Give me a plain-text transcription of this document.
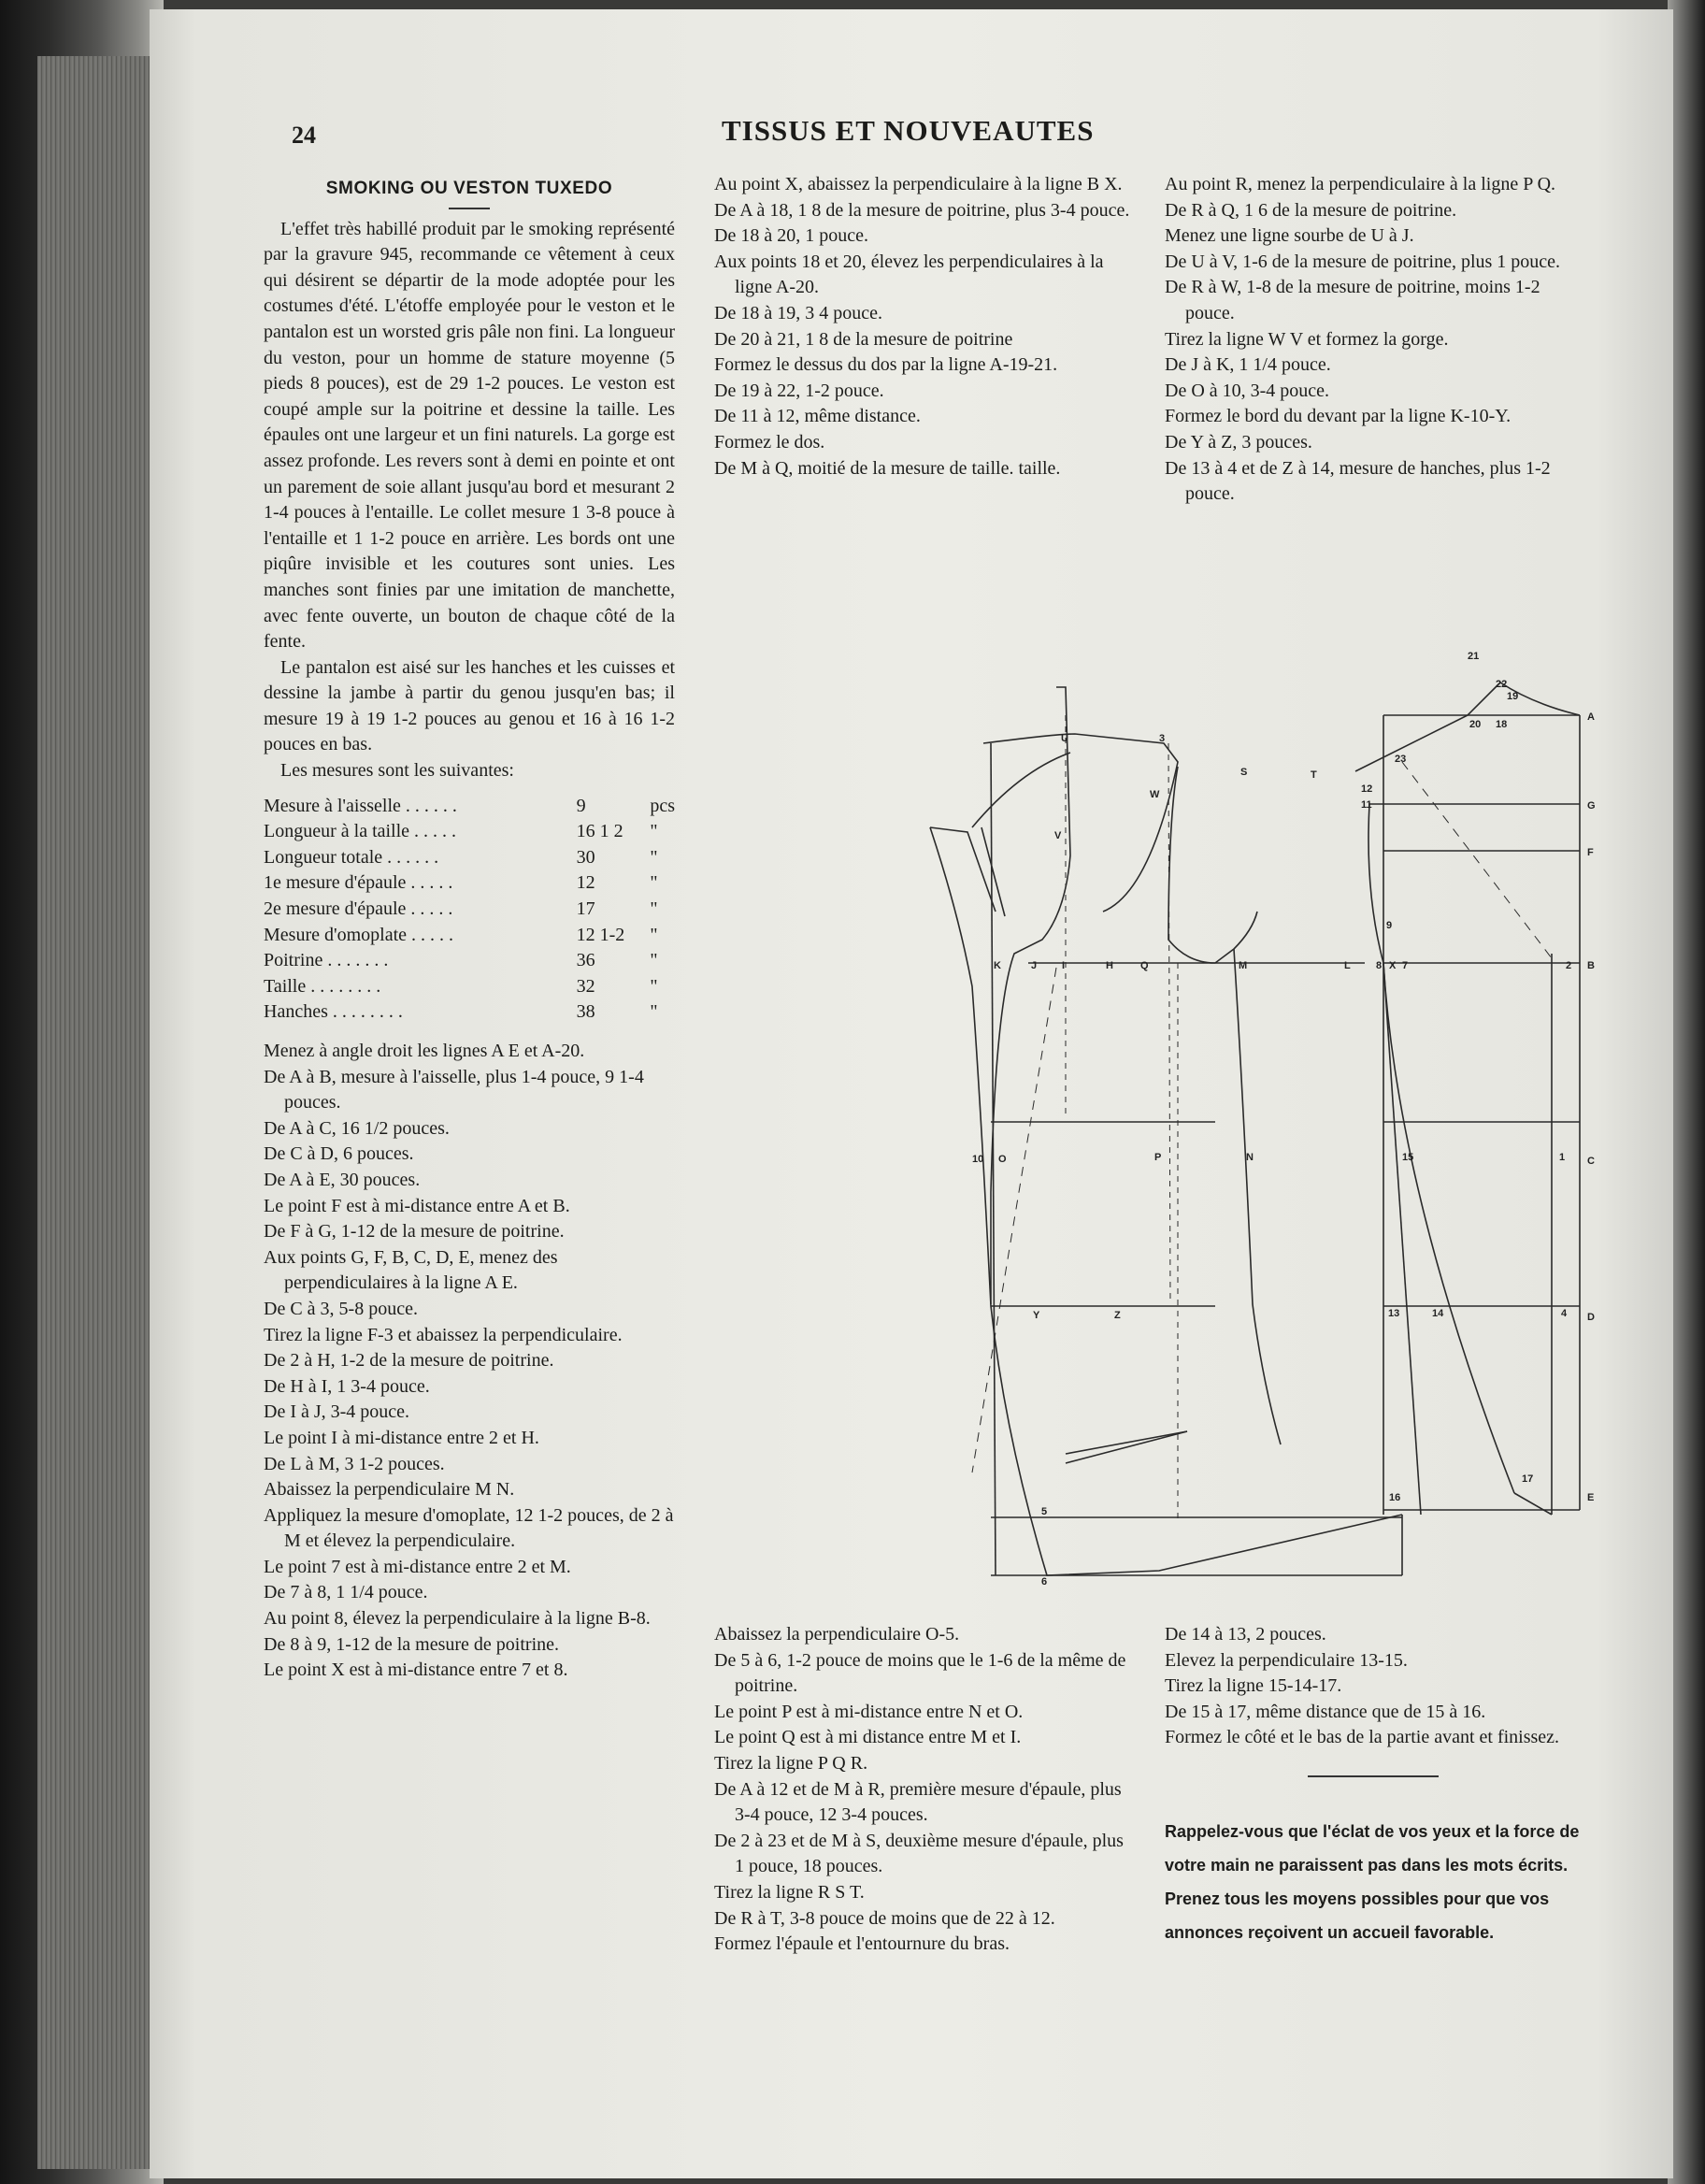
24	TISSUS ET NOUVEAUTES
SMOKING OU VESTON TUXEDO

L'effet très habillé produit par le smoking représenté par la gravure 945, recommande ce vêtement à ceux qui désirent se départir de la mode adoptée pour les costumes d'été. L'étoffe employée pour le veston et le pantalon est un worsted gris pâle non fini. La longueur du veston, pour un homme de stature moyenne (5 pieds 8 pouces), est de 29 1-2 pouces. Le veston est coupé ample sur la poitrine et dessine la taille. Les épaules ont une largeur et un fini naturels. La gorge est assez profonde. Les revers sont à demi en pointe et ont un parement de soie allant jusqu'au bord et mesurant 2 1-4 pouces à l'entaille. Le collet mesure 1 3-8 pouce à l'entaille et 1 1-2 pouce en arrière. Les bords ont une piqûre invisible et les coutures sont unies. Les manches sont finies par une imitation de manchette, avec fente ouverte, un bouton de chaque côté de la fente.

Le pantalon est aisé sur les hanches et les cuisses et dessine la jambe à partir du genou jusqu'en bas; il mesure 19 à 19 1-2 pouces au genou et 16 à 16 1-2 pouces en bas.

Les mesures sont les suivantes:

Mesure à l'aisselle . . . . . .	9	pcs
Longueur à la taille . . . . .	16 1 2	"
Longueur totale . . . . . .	30	"
1e mesure d'épaule . . . . .	12	"
2e mesure d'épaule . . . . .	17	"
Mesure d'omoplate . . . . .	12 1-2	"
Poitrine . . . . . . .	36	"
Taille . . . . . . . .	32	"
Hanches . . . . . . . .	38	"

Menez à angle droit les lignes A E et A-20.

De A à B, mesure à l'aisselle, plus 1-4 pouce, 9 1-4 pouces.

De A à C, 16 1/2 pouces.

De C à D, 6 pouces.

De A à E, 30 pouces.

Le point F est à mi-distance entre A et B.

De F à G, 1-12 de la mesure de poitrine.

Aux points G, F, B, C, D, E, menez des perpendiculaires à la ligne A E.

De C à 3, 5-8 pouce.

Tirez la ligne F-3 et abaissez la perpendiculaire.

De 2 à H, 1-2 de la mesure de poitrine.

De H à I, 1 3-4 pouce.

De I à J, 3-4 pouce.

Le point I à mi-distance entre 2 et H.

De L à M, 3 1-2 pouces.

Abaissez la perpendiculaire M N.

Appliquez la mesure d'omoplate, 12 1-2 pouces, de 2 à M et élevez la perpendiculaire.

Le point 7 est à mi-distance entre 2 et M.

De 7 à 8, 1 1/4 pouce.

Au point 8, élevez la perpendiculaire à la ligne B-8.

De 8 à 9, 1-12 de la mesure de poitrine.

Le point X est à mi-distance entre 7 et 8.

Au point X, abaissez la perpendiculaire à la ligne B X.

De A à 18, 1 8 de la mesure de poitrine, plus 3-4 pouce.

De 18 à 20, 1 pouce.

Aux points 18 et 20, élevez les perpendiculaires à la ligne A-20.

De 18 à 19, 3 4 pouce.

De 20 à 21, 1 8 de la mesure de poitrine

Formez le dessus du dos par la ligne A-19-21.

De 19 à 22, 1-2 pouce.

De 11 à 12, même distance.

Formez le dos.

De M à Q, moitié de la mesure de taille. taille.

Au point R, menez la perpendiculaire à la ligne P Q.

De R à Q, 1 6 de la mesure de poitrine.

Menez une ligne sourbe de U à J.

De U à V, 1-6 de la mesure de poitrine, plus 1 pouce.

De R à W, 1-8 de la mesure de poitrine, moins 1-2 pouce.

Tirez la ligne W V et formez la gorge.

De J à K, 1 1/4 pouce.

De O à 10, 3-4 pouce.

Formez le bord du devant par la ligne K-10-Y.

De Y à Z, 3 pouces.

De 13 à 4 et de Z à 14, mesure de hanches, plus 1-2 pouce.

K	J I	H	Q	M	L 8 X 7	2 B
U	3
S	T
W
V
21
22
19
20 18
A
23
12
11	G
F
9
10 O	P	N	15	1 C
Y	Z	13	14	4 D
5
16
17
E
6

Abaissez la perpendiculaire O-5.

De 5 à 6, 1-2 pouce de moins que le 1-6 de la même de poitrine.

Le point P est à mi-distance entre N et O.

Le point Q est à mi distance entre M et I.

Tirez la ligne P Q R.

De A à 12 et de M à R, première mesure d'épaule, plus 3-4 pouce, 12 3-4 pouces.

De 2 à 23 et de M à S, deuxième mesure d'épaule, plus 1 pouce, 18 pouces.

Tirez la ligne R S T.

De R à T, 3-8 pouce de moins que de 22 à 12.

Formez l'épaule et l'entournure du bras.

De 14 à 13, 2 pouces.

Elevez la perpendiculaire 13-15.

Tirez la ligne 15-14-17.

De 15 à 17, même distance que de 15 à 16.

Formez le côté et le bas de la partie avant et finissez.

Rappelez-vous que l'éclat de vos yeux et la force de votre main ne paraissent pas dans les mots écrits. Prenez tous les moyens possibles pour que vos annonces reçoivent un accueil favorable.
